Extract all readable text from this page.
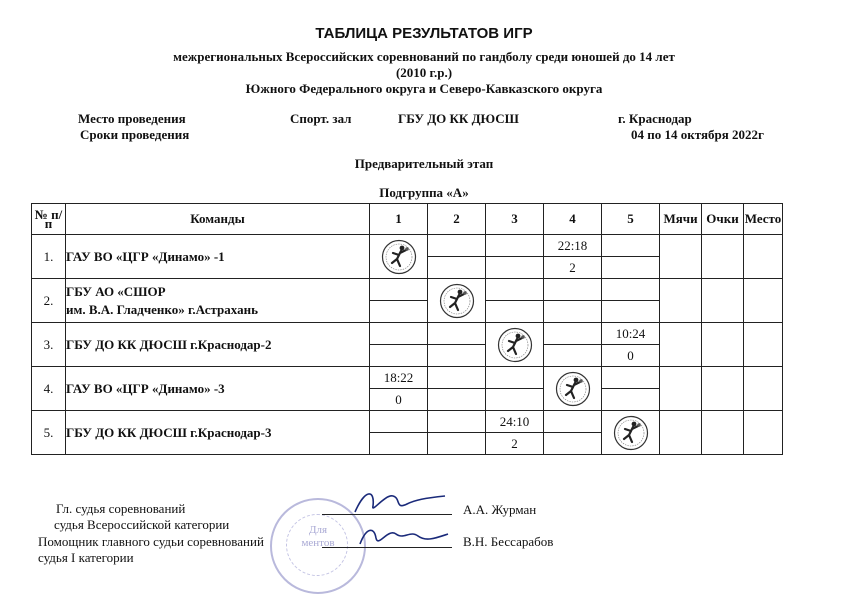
ТАБЛИЦА РЕЗУЛЬТАТОВ ИГР
межрегиональных Всероссийских соревнований по гандболу среди юношей до 14 лет
(2010 г.р.)
Южного Федерального округа и Северо-Кавказского округа
Место проведения	Спорт. зал	ГБУ ДО КК ДЮСШ	г. Краснодар
Сроки проведения	04 по 14 октября 2022г
Предварительный этап
Подгруппа «А»
№ п/п	Команды	1	2	3	4	5	Мячи	Очки	Место
1.	ГАУ ВО «ЦГР «Динамо» -1				22:18				
					2				
2.	ГБУ АО «СШОР
им. В.А. Гладченко» г.Астрахань								

3.	ГБУ ДО КК ДЮСШ г.Краснодар-2					10:24			
						0			
4.	ГАУ ВО «ЦГР «Динамо» -3	18:22							
		0							
5.	ГБУ ДО КК ДЮСШ г.Краснодар-3			24:10					
				2					
Для
ментов
Гл. судья соревнований
судья Всероссийской категории
А.А. Журман
Помощник главного судьи соревнований
судья I категории
В.Н. Бессарабов
